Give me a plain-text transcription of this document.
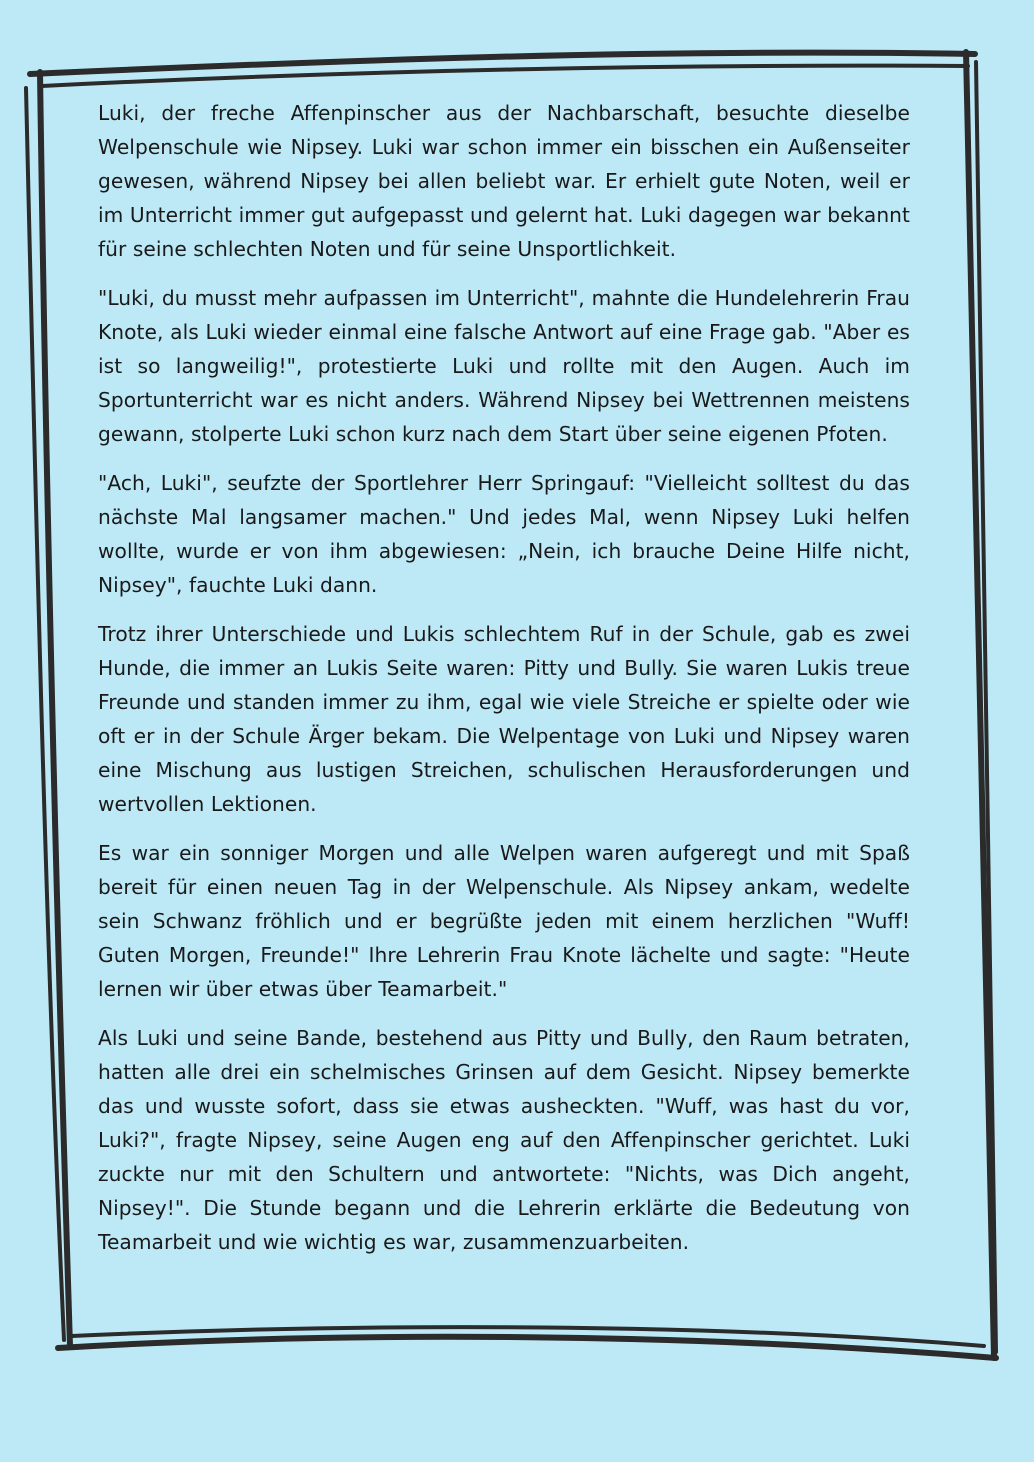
Luki, der freche Affenpinscher aus der Nachbarschaft, besuchte dieselbe Welpenschule wie Nipsey. Luki war schon immer ein bisschen ein Außenseiter gewesen, während Nipsey bei allen beliebt war. Er erhielt gute Noten, weil er im Unterricht immer gut aufgepasst und gelernt hat. Luki dagegen war bekannt für seine schlechten Noten und für seine Unsportlichkeit.

"Luki, du musst mehr aufpassen im Unterricht", mahnte die Hundelehrerin Frau Knote, als Luki wieder einmal eine falsche Antwort auf eine Frage gab. "Aber es ist so langweilig!", protestierte Luki und rollte mit den Augen. Auch im Sportunterricht war es nicht anders. Während Nipsey bei Wettrennen meistens gewann, stolperte Luki schon kurz nach dem Start über seine eigenen Pfoten.

"Ach, Luki", seufzte der Sportlehrer Herr Springauf: "Vielleicht solltest du das nächste Mal langsamer machen." Und jedes Mal, wenn Nipsey Luki helfen wollte, wurde er von ihm abgewiesen: „Nein, ich brauche Deine Hilfe nicht, Nipsey", fauchte Luki dann.

Trotz ihrer Unterschiede und Lukis schlechtem Ruf in der Schule, gab es zwei Hunde, die immer an Lukis Seite waren: Pitty und Bully. Sie waren Lukis treue Freunde und standen immer zu ihm, egal wie viele Streiche er spielte oder wie oft er in der Schule Ärger bekam. Die Welpentage von Luki und Nipsey waren eine Mischung aus lustigen Streichen, schulischen Herausforderungen und wertvollen Lektionen.

Es war ein sonniger Morgen und alle Welpen waren aufgeregt und mit Spaß bereit für einen neuen Tag in der Welpenschule. Als Nipsey ankam, wedelte sein Schwanz fröhlich und er begrüßte jeden mit einem herzlichen "Wuff! Guten Morgen, Freunde!" Ihre Lehrerin Frau Knote lächelte und sagte: "Heute lernen wir über etwas über Teamarbeit."

Als Luki und seine Bande, bestehend aus Pitty und Bully, den Raum betraten, hatten alle drei ein schelmisches Grinsen auf dem Gesicht. Nipsey bemerkte das und wusste sofort, dass sie etwas ausheckten. "Wuff, was hast du vor, Luki?", fragte Nipsey, seine Augen eng auf den Affenpinscher gerichtet. Luki zuckte nur mit den Schultern und antwortete: "Nichts, was Dich angeht, Nipsey!". Die Stunde begann und die Lehrerin erklärte die Bedeutung von Teamarbeit und wie wichtig es war, zusammenzuarbeiten.
